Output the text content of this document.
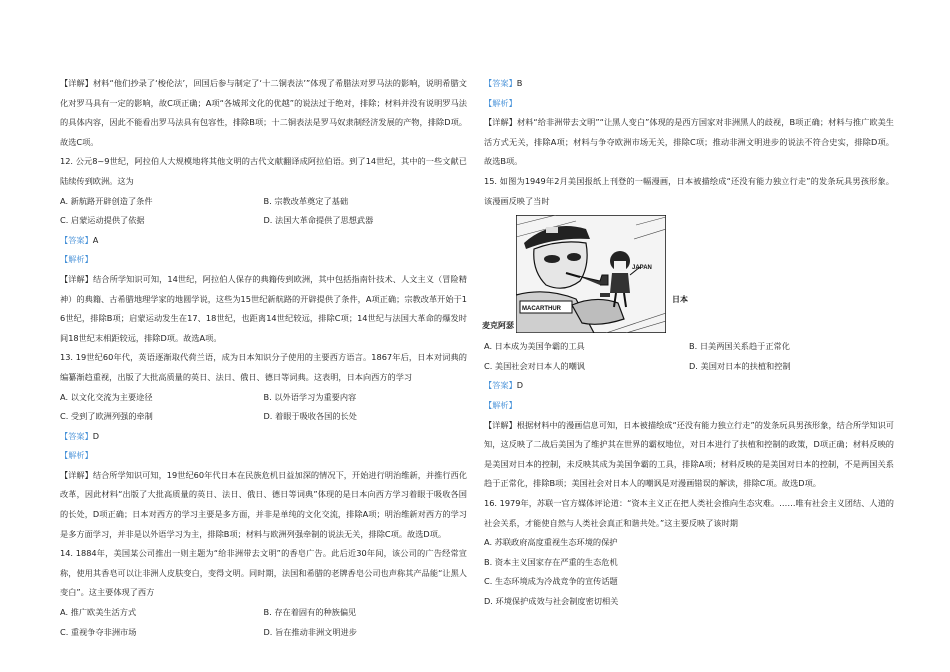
【详解】材料“他们抄录了‘梭伦法’，回国后参与制定了‘十二铜表法’”体现了希腊法对罗马法的影响，说明希腊文化对罗马具有一定的影响，故C项正确；A项“各城邦文化的优越”的说法过于绝对，排除；材料并没有说明罗马法的具体内容，因此不能看出罗马法具有包容性，排除B项；十二铜表法是罗马奴隶制经济发展的产物，排除D项。故选C项。

12. 公元8~9世纪，阿拉伯人大规模地将其他文明的古代文献翻译成阿拉伯语。到了14世纪，其中的一些文献已陆续传到欧洲。这为

A. 新航路开辟创造了条件	B. 宗教改革奠定了基础
C. 启蒙运动提供了依据	D. 法国大革命提供了思想武器
【答案】A
【解析】

【详解】结合所学知识可知，14世纪，阿拉伯人保存的典籍传到欧洲，其中包括指南针技术、人文主义（冒险精神）的典籍、古希腊地理学家的地圆学说，这些为15世纪新航路的开辟提供了条件，A项正确；宗教改革开始于16世纪，排除B项；启蒙运动发生在17、18世纪，也距离14世纪较远，排除C项；14世纪与法国大革命的爆发时间18世纪末相距较远，排除D项。故选A项。

13. 19世纪60年代，英语逐渐取代荷兰语，成为日本知识分子使用的主要西方语言。1867年后，日本对词典的编纂渐趋重视，出版了大批高质量的英日、法日、俄日、德日等词典。这表明，日本向西方的学习

A. 以文化交流为主要途径	B. 以外语学习为重要内容
C. 受到了欧洲列强的牵制	D. 着眼于吸收各国的长处
【答案】D
【解析】

【详解】结合所学知识可知，19世纪60年代日本在民族危机日益加深的情况下，开始进行明治维新，并推行西化改革，因此材料“出版了大批高质量的英日、法日、俄日、德日等词典”体现的是日本向西方学习着眼于吸收各国的长处，D项正确；日本对西方的学习主要是多方面，并非是单纯的文化交流，排除A项；明治维新对西方的学习是多方面学习，并非是以外语学习为主，排除B项；材料与欧洲列强牵制的说法无关，排除C项。故选D项。

14. 1884年，美国某公司推出一则主题为“给非洲带去文明”的香皂广告。此后近30年间，该公司的广告经常宣称，使用其香皂可以让非洲人皮肤变白，变得文明。同时期，法国和希腊的老牌香皂公司也声称其产品能“让黑人变白”。这主要体现了西方

A. 推广欧美生活方式	B. 存在着固有的种族偏见
C. 重视争夺非洲市场	D. 旨在推动非洲文明进步
【答案】B
【解析】

【详解】材料“给非洲带去文明”“让黑人变白”体现的是西方国家对非洲黑人的歧视，B项正确；材料与推广欧美生活方式无关，排除A项；材料与争夺欧洲市场无关，排除C项；推动非洲文明进步的说法不符合史实，排除D项。故选B项。

15. 如图为1949年2月美国报纸上刊登的一幅漫画，日本被描绘成“还没有能力独立行走”的发条玩具男孩形象。该漫画反映了当时

JAPAN
MACARTHUR
麦克阿瑟
日本
A. 日本成为美国争霸的工具	B. 日美两国关系趋于正常化
C. 美国社会对日本人的嘲讽	D. 美国对日本的扶植和控制
【答案】D
【解析】

【详解】根据材料中的漫画信息可知，日本被描绘成“还没有能力独立行走”的发条玩具男孩形象，结合所学知识可知，这反映了二战后美国为了维护其在世界的霸权地位，对日本进行了扶植和控制的政策，D项正确；材料反映的是美国对日本的控制，未反映其成为美国争霸的工具，排除A项；材料反映的是美国对日本的控制，不是两国关系趋于正常化，排除B项；美国社会对日本人的嘲讽是对漫画错误的解读，排除C项。故选D项。

16. 1979年，苏联一官方媒体评论道：“资本主义正在把人类社会推向生态灾难。……唯有社会主义团结、人道的社会关系，才能使自然与人类社会真正和谐共处。”这主要反映了该时期

A. 苏联政府高度重视生态环境的保护
B. 资本主义国家存在严重的生态危机
C. 生态环境成为冷战竞争的宣传话题
D. 环境保护成效与社会制度密切相关
